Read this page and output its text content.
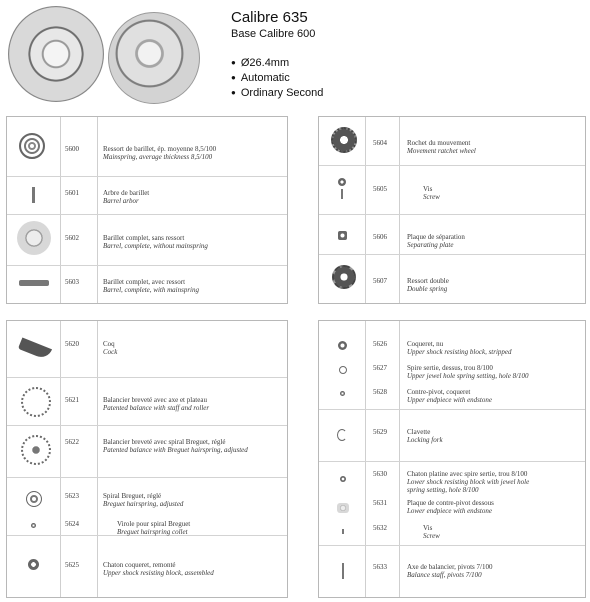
Calibre 635
Base Calibre 600
● Ø26.4mm
● Automatic
● Ordinary Second
5600	Ressort de barillet, ép. moyenne 8,5/100
Mainspring, average thickness 8,5/100
5601	Arbre de barillet
Barrel arbor
5602	Barillet complet, sans ressort
Barrel, complete, without mainspring
5603	Barillet complet, avec ressort
Barrel, complete, with mainspring
5604	Rochet du mouvement
Movement ratchet wheel
5605	Vis
Screw
5606	Plaque de séparation
Separating plate
5607	Ressort double
Double spring
5620	Coq
Cock
5621	Balancier breveté avec axe et plateau
Patented balance with staff and roller
5622	Balancier breveté avec spiral Breguet, réglé
Patented balance with Breguet hairspring, adjusted
5623	Spiral Breguet, réglé
Breguet hairspring, adjusted
5624	Virole pour spiral Breguet
Breguet hairspring collet
5625	Chaton coqueret, remonté
Upper shock resisting block, assembled
5626	Coqueret, nu
Upper shock resisting block, stripped
5627	Spire sertie, dessus, trou 8/100
Upper jewel hole spring setting, hole 8/100
5628	Contre-pivot, coqueret
Upper endpiece with endstone
5629	Clavette
Locking fork
5630	Chaton platine avec spire sertie, trou 8/100
Lower shock resisting block with jewel hole
spring setting, hole 8/100
5631	Plaque de contre-pivot dessous
Lower endpiece with endstone
5632	Vis
Screw
5633	Axe de balancier, pivots 7/100
Balance staff, pivots 7/100
